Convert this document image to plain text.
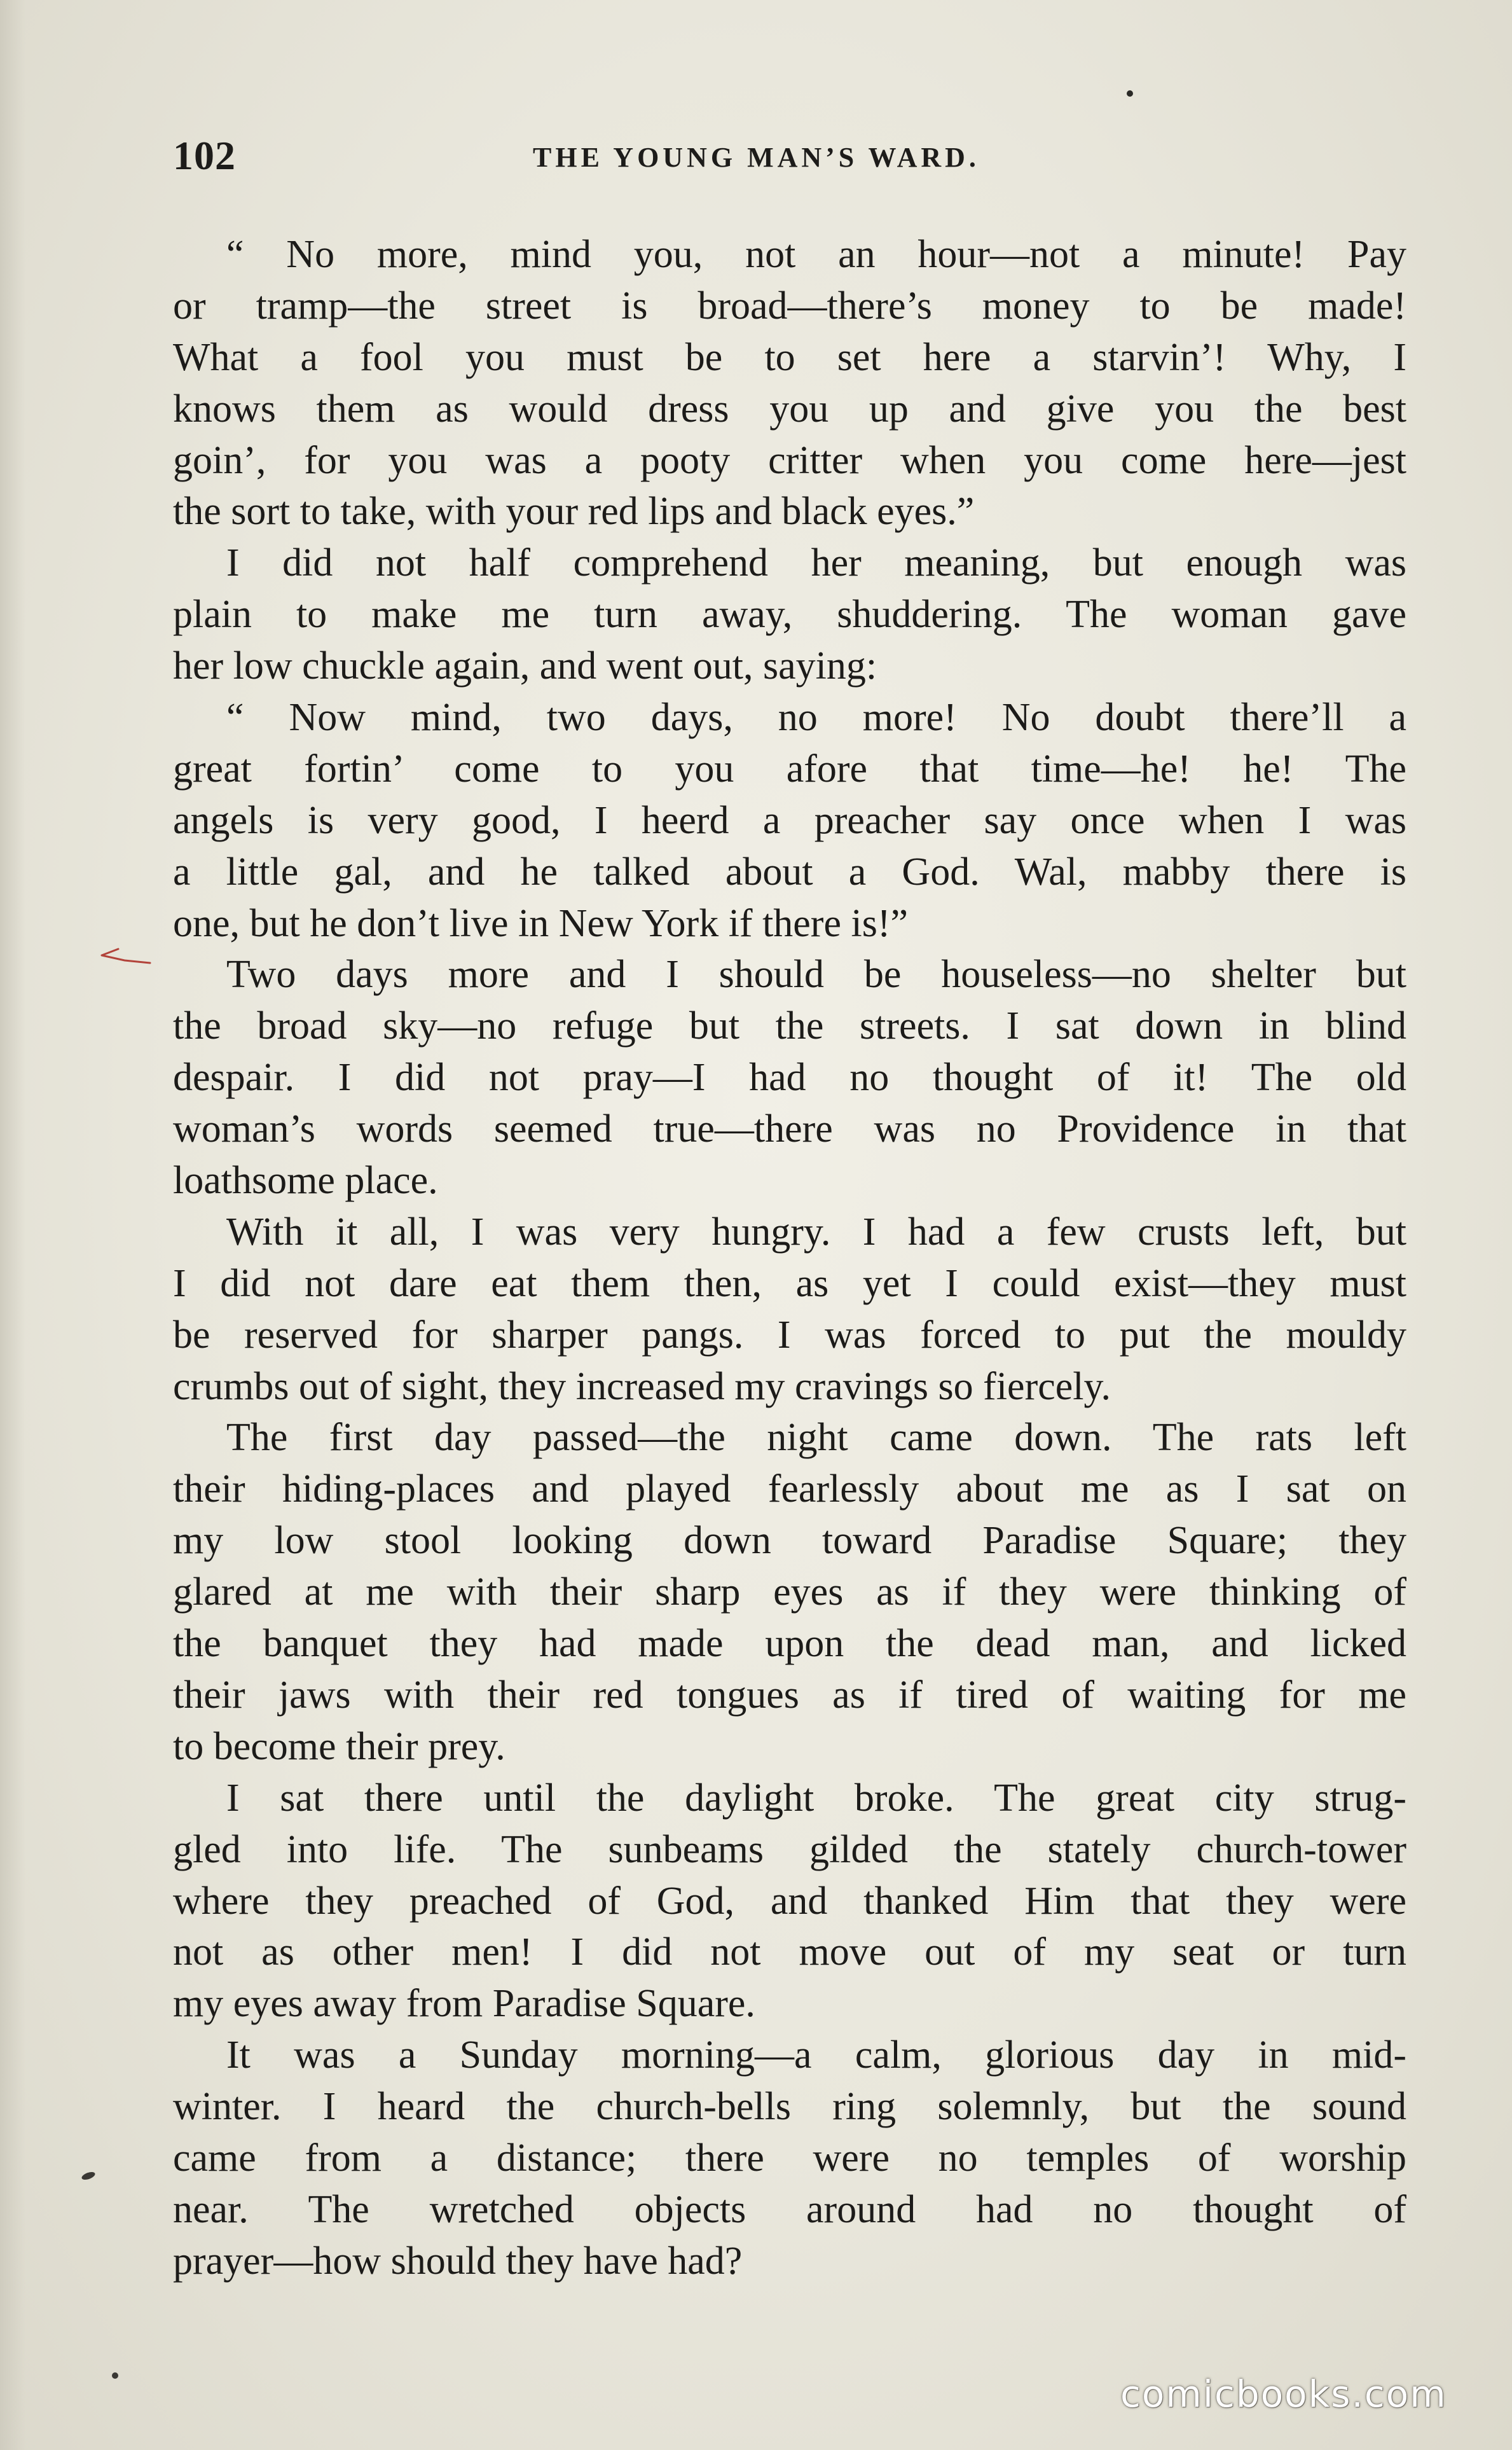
102	THE YOUNG MAN’S WARD.
“ No more, mind you, not an hour—not a minute! Pay
or tramp—the street is broad—there’s money to be made!
What a fool you must be to set here a starvin’! Why, I
knows them as would dress you up and give you the best
goin’, for you was a pooty critter when you come here—jest
the sort to take, with your red lips and black eyes.”
I did not half comprehend her meaning, but enough was
plain to make me turn away, shuddering. The woman gave
her low chuckle again, and went out, saying:
“ Now mind, two days, no more! No doubt there’ll a
great fortin’ come to you afore that time—he! he! The
angels is very good, I heerd a preacher say once when I was
a little gal, and he talked about a God. Wal, mabby there is
one, but he don’t live in New York if there is!”
Two days more and I should be houseless—no shelter but
the broad sky—no refuge but the streets. I sat down in blind
despair. I did not pray—I had no thought of it! The old
woman’s words seemed true—there was no Providence in that
loathsome place.
With it all, I was very hungry. I had a few crusts left, but
I did not dare eat them then, as yet I could exist—they must
be reserved for sharper pangs. I was forced to put the mouldy
crumbs out of sight, they increased my cravings so fiercely.
The first day passed—the night came down. The rats left
their hiding-places and played fearlessly about me as I sat on
my low stool looking down toward Paradise Square; they
glared at me with their sharp eyes as if they were thinking of
the banquet they had made upon the dead man, and licked
their jaws with their red tongues as if tired of waiting for me
to become their prey.
I sat there until the daylight broke. The great city strug-
gled into life. The sunbeams gilded the stately church-tower
where they preached of God, and thanked Him that they were
not as other men! I did not move out of my seat or turn
my eyes away from Paradise Square.
It was a Sunday morning—a calm, glorious day in mid-
winter. I heard the church-bells ring solemnly, but the sound
came from a distance; there were no temples of worship
near. The wretched objects around had no thought of
prayer—how should they have had?
comicbooks.com
